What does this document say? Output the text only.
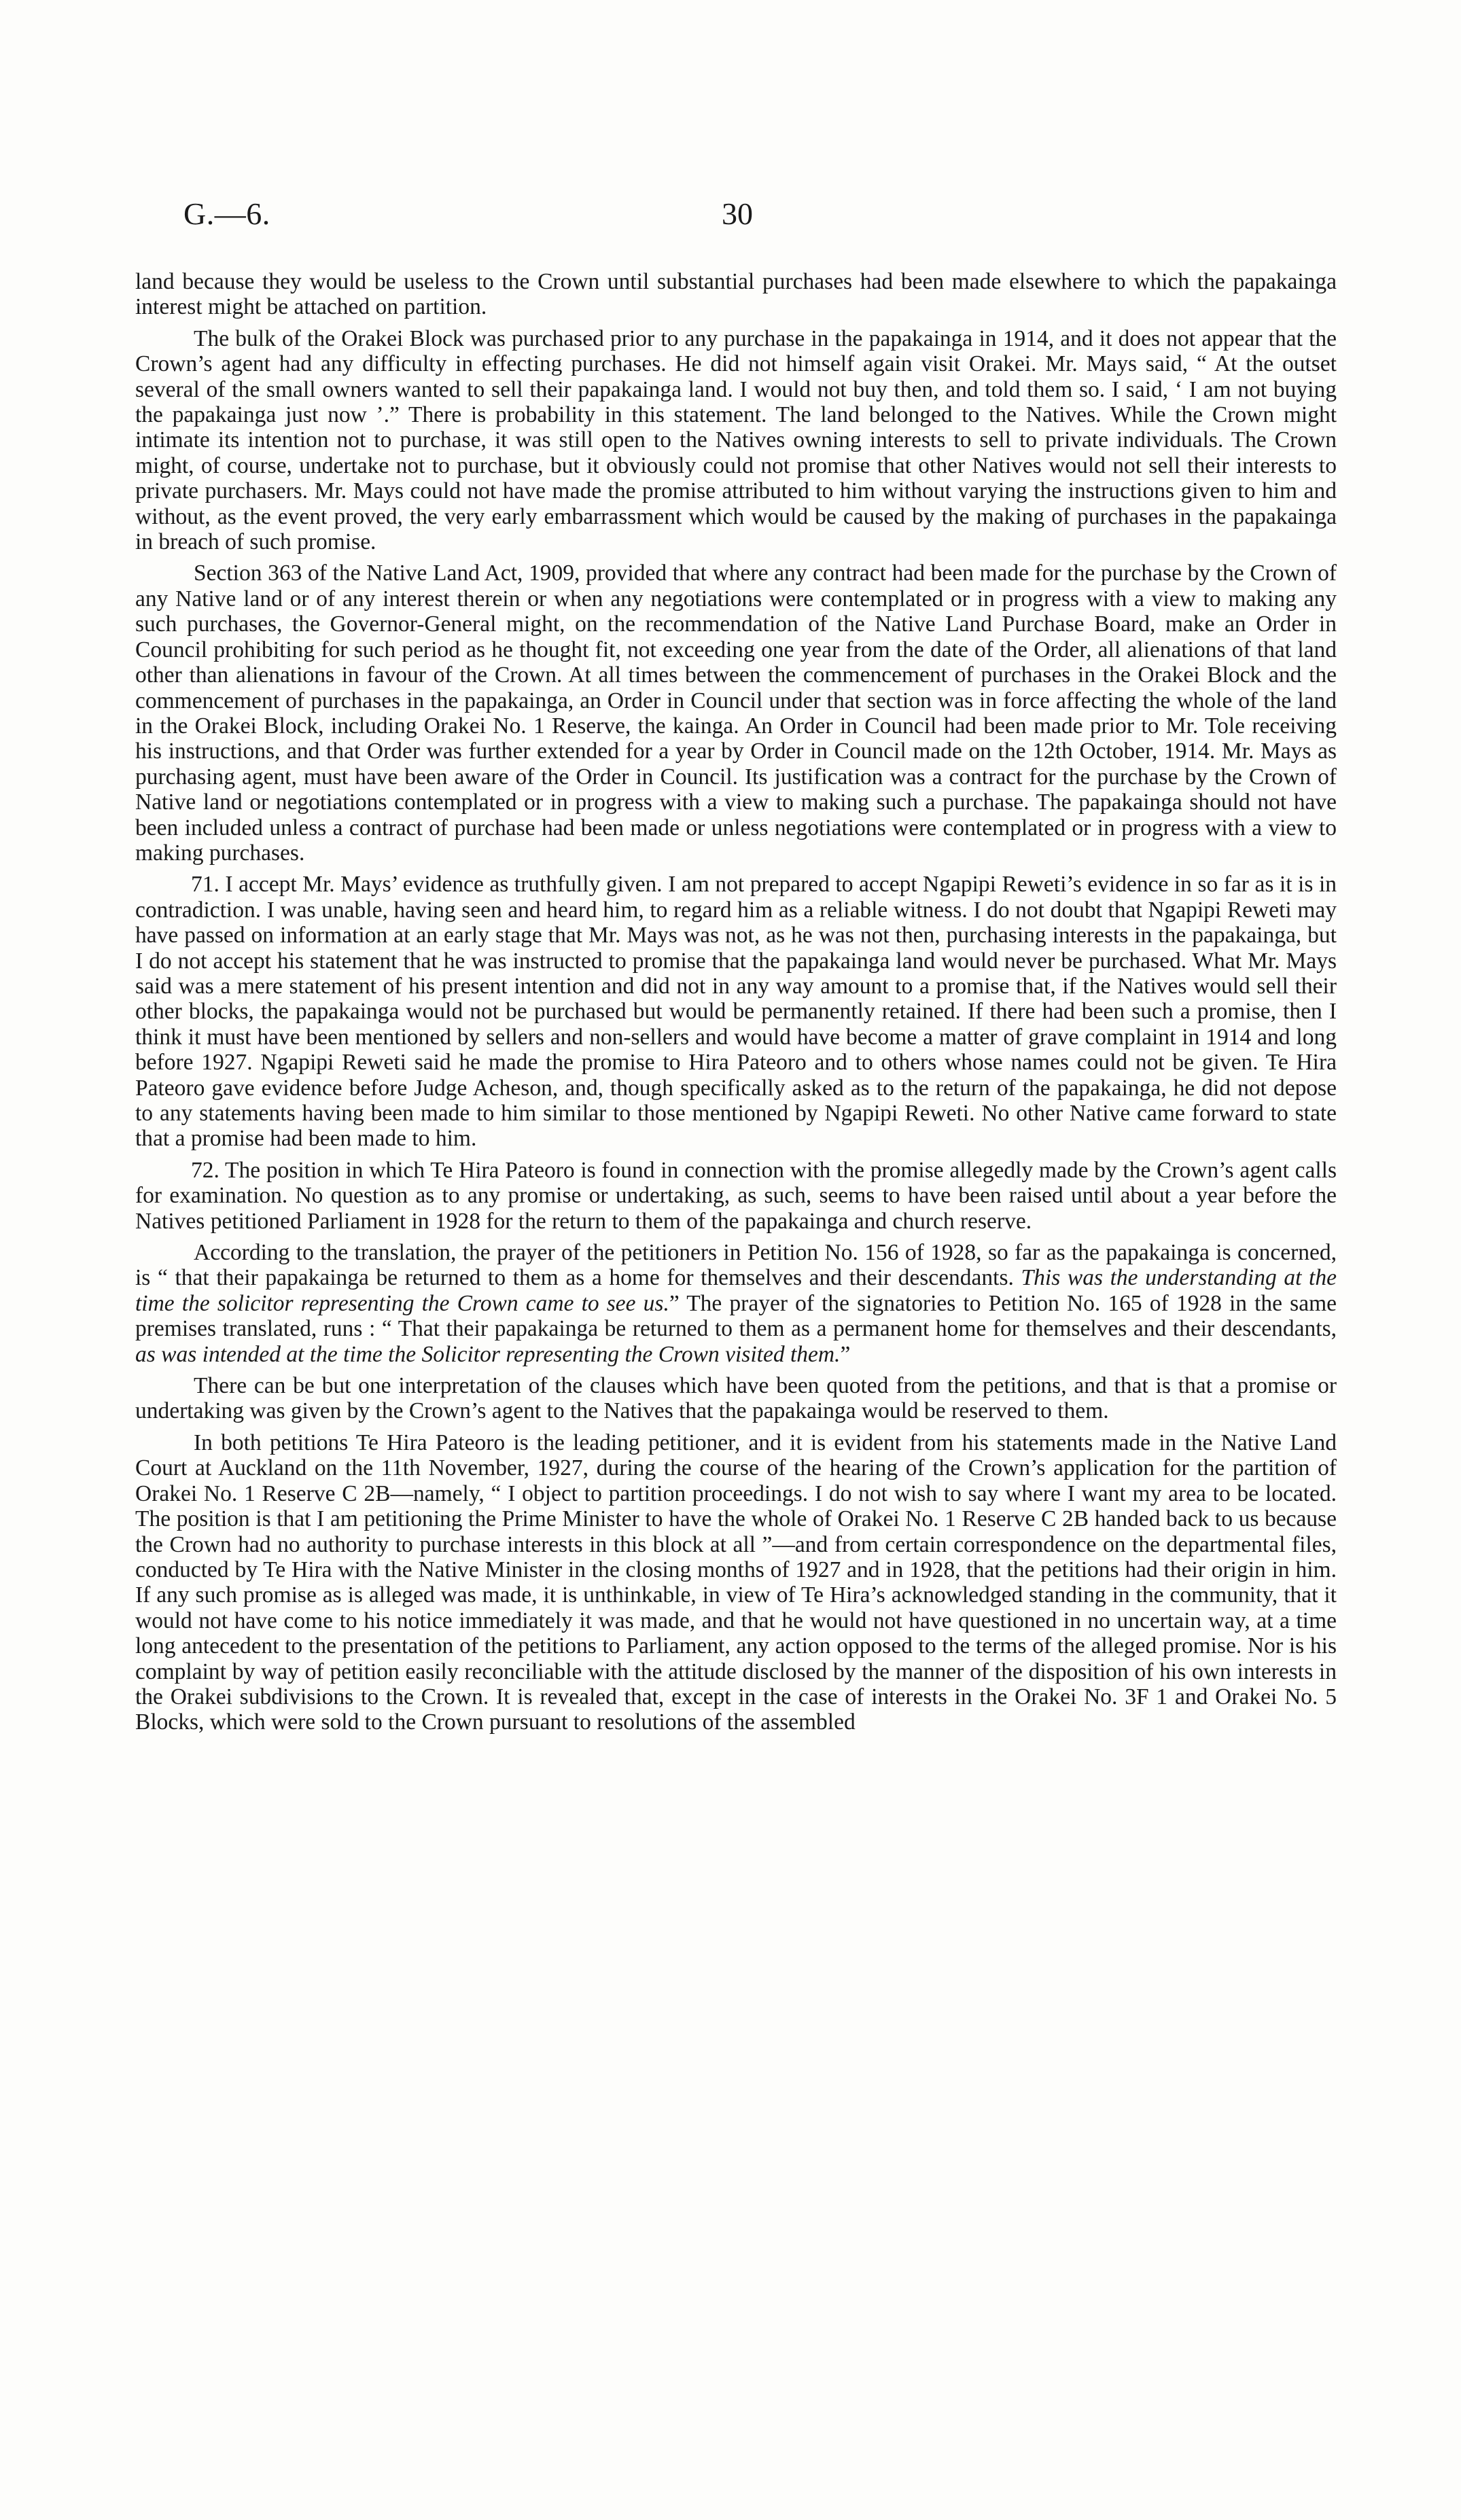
G.—6.	30

land because they would be useless to the Crown until substantial purchases had been made elsewhere to which the papakainga interest might be attached on partition.

The bulk of the Orakei Block was purchased prior to any purchase in the papakainga in 1914, and it does not appear that the Crown’s agent had any difficulty in effecting purchases. He did not himself again visit Orakei. Mr. Mays said, “ At the outset several of the small owners wanted to sell their papakainga land. I would not buy then, and told them so. I said, ‘ I am not buying the papakainga just now ’.” There is probability in this statement. The land belonged to the Natives. While the Crown might intimate its intention not to purchase, it was still open to the Natives owning interests to sell to private individuals. The Crown might, of course, undertake not to purchase, but it obviously could not promise that other Natives would not sell their interests to private purchasers. Mr. Mays could not have made the promise attributed to him without varying the instructions given to him and without, as the event proved, the very early embarrassment which would be caused by the making of purchases in the papakainga in breach of such promise.

Section 363 of the Native Land Act, 1909, provided that where any contract had been made for the purchase by the Crown of any Native land or of any interest therein or when any negotiations were contemplated or in progress with a view to making any such purchases, the Governor-General might, on the recommendation of the Native Land Purchase Board, make an Order in Council prohibiting for such period as he thought fit, not exceeding one year from the date of the Order, all alienations of that land other than alienations in favour of the Crown. At all times between the commencement of purchases in the Orakei Block and the commencement of purchases in the papakainga, an Order in Council under that section was in force affecting the whole of the land in the Orakei Block, including Orakei No. 1 Reserve, the kainga. An Order in Council had been made prior to Mr. Tole receiving his instructions, and that Order was further extended for a year by Order in Council made on the 12th October, 1914. Mr. Mays as purchasing agent, must have been aware of the Order in Council. Its justification was a contract for the purchase by the Crown of Native land or negotiations contemplated or in progress with a view to making such a purchase. The papakainga should not have been included unless a contract of purchase had been made or unless negotiations were contemplated or in progress with a view to making purchases.

71. I accept Mr. Mays’ evidence as truthfully given. I am not prepared to accept Ngapipi Reweti’s evidence in so far as it is in contradiction. I was unable, having seen and heard him, to regard him as a reliable witness. I do not doubt that Ngapipi Reweti may have passed on information at an early stage that Mr. Mays was not, as he was not then, purchasing interests in the papakainga, but I do not accept his statement that he was instructed to promise that the papakainga land would never be purchased. What Mr. Mays said was a mere statement of his present intention and did not in any way amount to a promise that, if the Natives would sell their other blocks, the papakainga would not be purchased but would be permanently retained. If there had been such a promise, then I think it must have been mentioned by sellers and non-sellers and would have become a matter of grave complaint in 1914 and long before 1927. Ngapipi Reweti said he made the promise to Hira Pateoro and to others whose names could not be given. Te Hira Pateoro gave evidence before Judge Acheson, and, though specifically asked as to the return of the papakainga, he did not depose to any statements having been made to him similar to those mentioned by Ngapipi Reweti. No other Native came forward to state that a promise had been made to him.

72. The position in which Te Hira Pateoro is found in connection with the promise allegedly made by the Crown’s agent calls for examination. No question as to any promise or undertaking, as such, seems to have been raised until about a year before the Natives petitioned Parliament in 1928 for the return to them of the papakainga and church reserve.

According to the translation, the prayer of the petitioners in Petition No. 156 of 1928, so far as the papakainga is concerned, is “ that their papakainga be returned to them as a home for themselves and their descendants. This was the understanding at the time the solicitor representing the Crown came to see us.” The prayer of the signatories to Petition No. 165 of 1928 in the same premises translated, runs : “ That their papakainga be returned to them as a permanent home for themselves and their descendants, as was intended at the time the Solicitor representing the Crown visited them.”

There can be but one interpretation of the clauses which have been quoted from the petitions, and that is that a promise or undertaking was given by the Crown’s agent to the Natives that the papakainga would be reserved to them.

In both petitions Te Hira Pateoro is the leading petitioner, and it is evident from his statements made in the Native Land Court at Auckland on the 11th November, 1927, during the course of the hearing of the Crown’s application for the partition of Orakei No. 1 Reserve C 2B—namely, “ I object to partition proceedings. I do not wish to say where I want my area to be located. The position is that I am petitioning the Prime Minister to have the whole of Orakei No. 1 Reserve C 2B handed back to us because the Crown had no authority to purchase interests in this block at all ”—and from certain correspondence on the departmental files, conducted by Te Hira with the Native Minister in the closing months of 1927 and in 1928, that the petitions had their origin in him. If any such promise as is alleged was made, it is unthinkable, in view of Te Hira’s acknowledged standing in the community, that it would not have come to his notice immediately it was made, and that he would not have questioned in no uncertain way, at a time long antecedent to the presentation of the petitions to Parliament, any action opposed to the terms of the alleged promise. Nor is his complaint by way of petition easily reconciliable with the attitude disclosed by the manner of the disposition of his own interests in the Orakei subdivisions to the Crown. It is revealed that, except in the case of interests in the Orakei No. 3F 1 and Orakei No. 5 Blocks, which were sold to the Crown pursuant to resolutions of the assembled
